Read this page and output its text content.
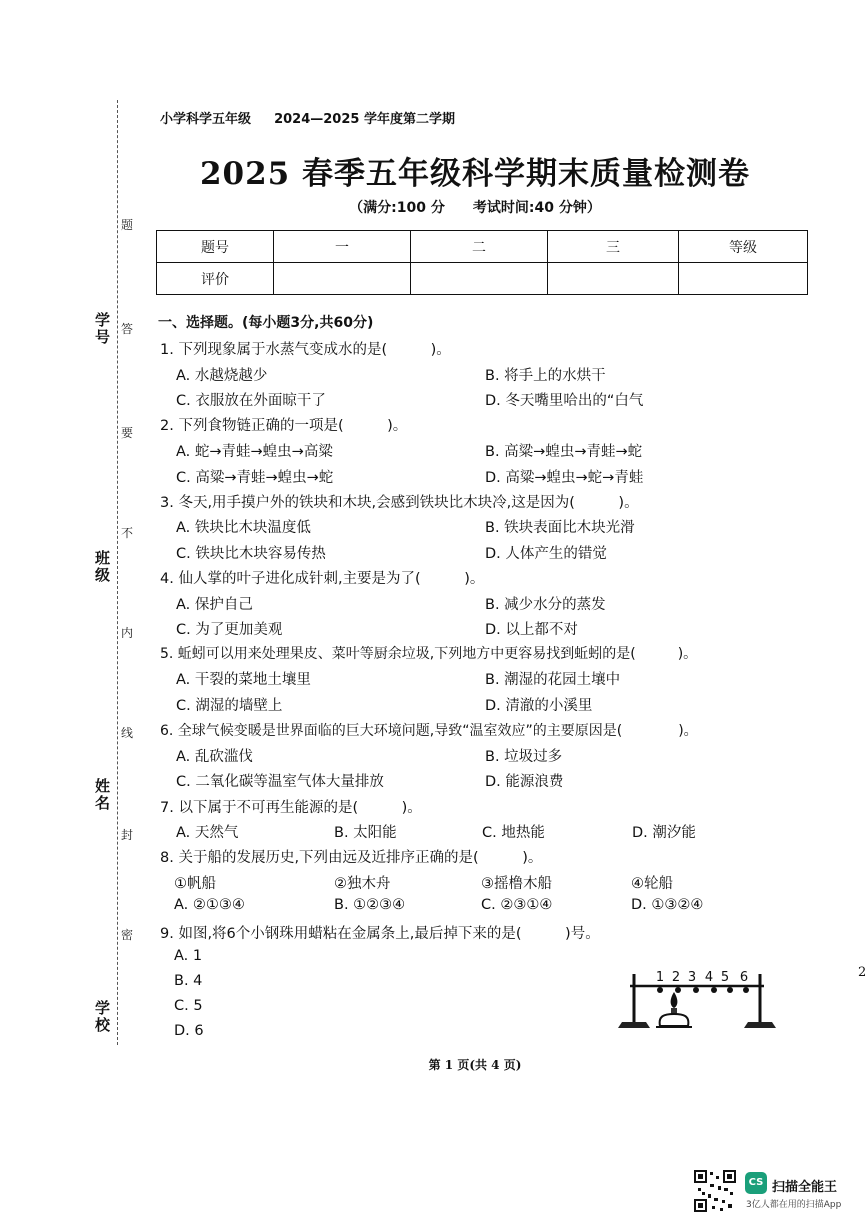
学号
班级
姓名
学校
题
答
要
不
内
线
封
密
小学科学五年级 2024—2025 学年度第二学期
2025 春季五年级科学期末质量检测卷
（满分:100 分　　考试时间:40 分钟）
题号	一	二	三	等级
评价				
一、选择题。(每小题3分,共60分)
1. 下列现象属于水蒸气变成水的是(　　　)。
A. 水越烧越少	B. 将手上的水烘干
C. 衣服放在外面晾干了	D. 冬天嘴里哈出的“白气
2. 下列食物链正确的一项是(　　　)。
A. 蛇→青蛙→蝗虫→高粱	B. 高粱→蝗虫→青蛙→蛇
C. 高粱→青蛙→蝗虫→蛇	D. 高粱→蝗虫→蛇→青蛙
3. 冬天,用手摸户外的铁块和木块,会感到铁块比木块冷,这是因为(　　　)。
A. 铁块比木块温度低	B. 铁块表面比木块光滑
C. 铁块比木块容易传热	D. 人体产生的错觉
4. 仙人掌的叶子进化成针刺,主要是为了(　　　)。
A. 保护自己	B. 减少水分的蒸发
C. 为了更加美观	D. 以上都不对
5. 蚯蚓可以用来处理果皮、菜叶等厨余垃圾,下列地方中更容易找到蚯蚓的是(　　　)。
A. 干裂的菜地土壤里	B. 潮湿的花园土壤中
C. 湖湿的墙壁上	D. 清澈的小溪里
6. 全球气候变暖是世界面临的巨大环境问题,导致“温室效应”的主要原因是(　　　　)。
A. 乱砍滥伐	B. 垃圾过多
C. 二氧化碳等温室气体大量排放	D. 能源浪费
7. 以下属于不可再生能源的是(　　　)。
A. 天然气	B. 太阳能	C. 地热能	D. 潮汐能
8. 关于船的发展历史,下列由远及近排序正确的是(　　　)。
①帆船	②独木舟	③摇橹木船	④轮船
A. ②①③④	B. ①②③④	C. ②③①④	D. ①③②④
9. 如图,将6个小钢珠用蜡粘在金属条上,最后掉下来的是(　　　)号。
A. 1
B. 4
C. 5
D. 6
1 2 3 4 5 6
第 1 页(共 4 页)
2
CS 扫描全能王
3亿人都在用的扫描App
